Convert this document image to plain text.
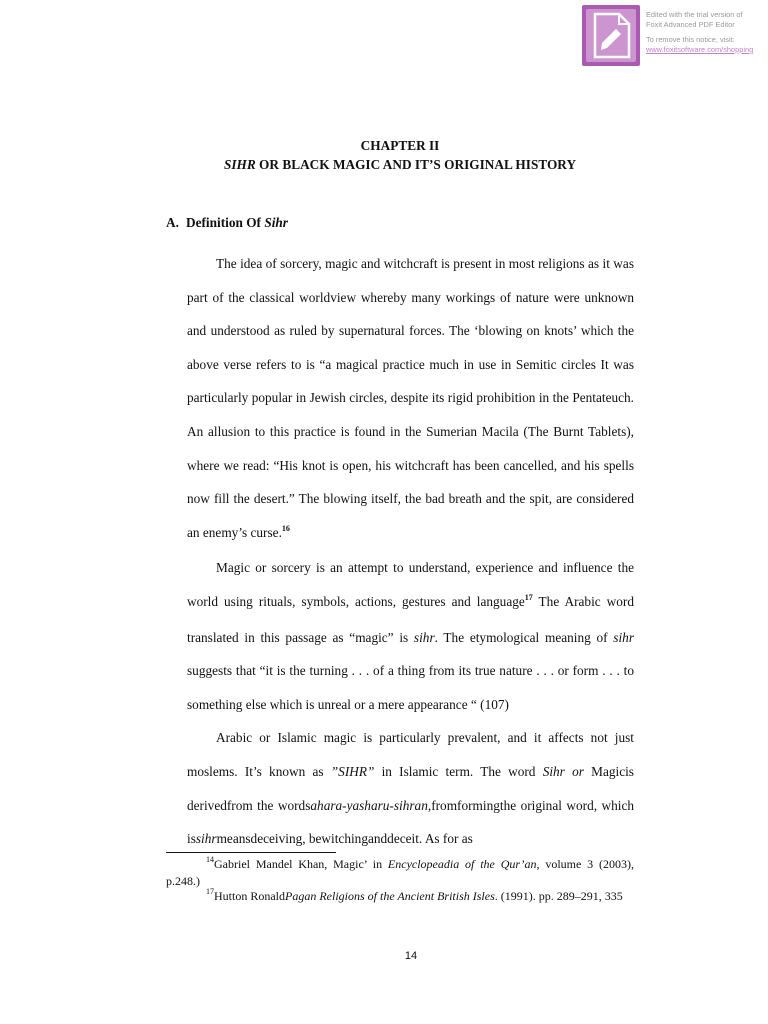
Edited with the trial version of
Foxit Advanced PDF Editor
To remove this notice, visit:
www.foxitsoftware.com/shopping
CHAPTER II
SIHR OR BLACK MAGIC AND IT’S ORIGINAL HISTORY
A. Definition Of Sihr

The idea of sorcery, magic and witchcraft is present in most religions as it was part of the classical worldview whereby many workings of nature were unknown and understood as ruled by supernatural forces. The ‘blowing on knots’ which the above verse refers to is “a magical practice much in use in Semitic circles It was particularly popular in Jewish circles, despite its rigid prohibition in the Pentateuch. An allusion to this practice is found in the Sumerian Macila (The Burnt Tablets), where we read: “His knot is open, his witchcraft has been cancelled, and his spells now fill the desert.” The blowing itself, the bad breath and the spit, are considered an enemy’s curse.$^{16}$

Magic or sorcery is an attempt to understand, experience and influence the world using rituals, symbols, actions, gestures and language$^{17}$ The Arabic word translated in this passage as “magic” is sihr. The etymological meaning of sihr suggests that “it is the turning . . . of a thing from its true nature . . . or form . . . to something else which is unreal or a mere appearance “ (107)

Arabic or Islamic magic is particularly prevalent, and it affects not just moslems. It’s known as ”SIHR” in Islamic term. The word Sihr or Magicis derivedfrom the wordsahara-yasharu-sihran,fromformingthe original word, which issihrmeansdeceiving, bewitchinganddeceit. As for as

$^{14}$Gabriel Mandel Khan, Magic’ in Encyclopeadia of the Qur’an, volume 3 (2003), p.248.)
$^{17}$Hutton RonaldPagan Religions of the Ancient British Isles. (1991). pp. 289–291, 335
14
